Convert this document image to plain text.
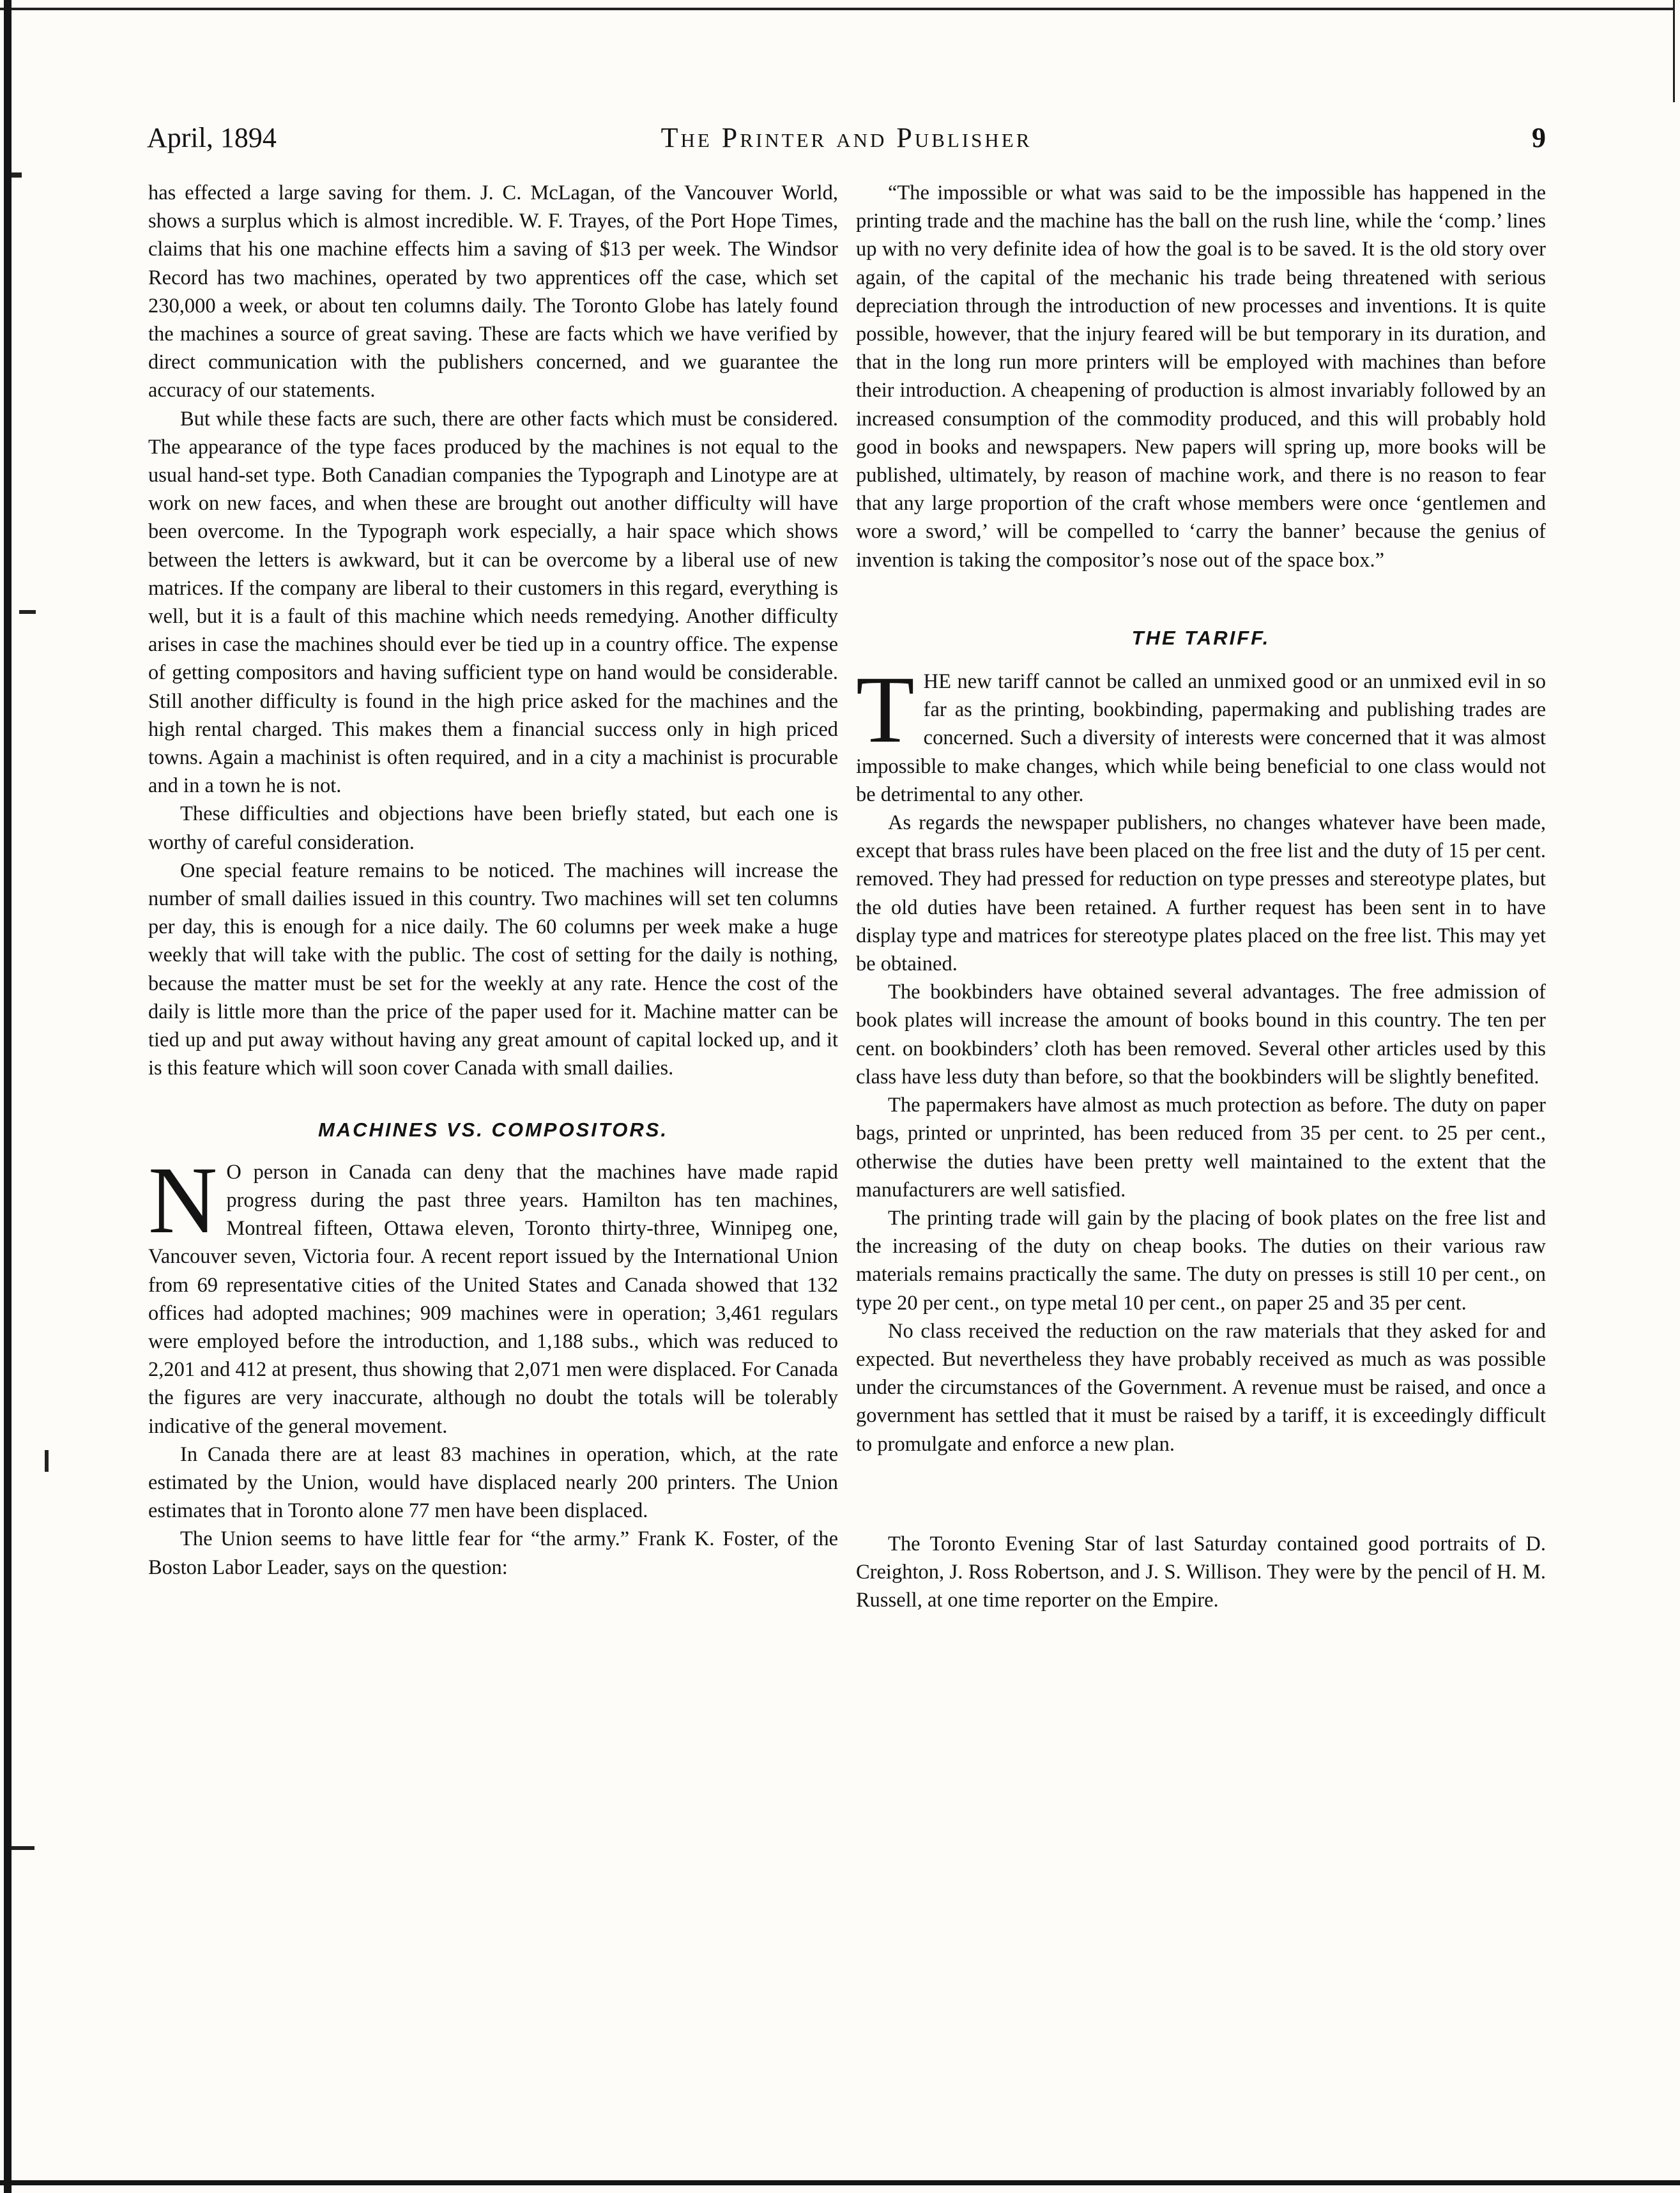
April, 1894	The Printer and Publisher	9

has effected a large saving for them. J. C. McLagan, of the Vancouver World, shows a surplus which is almost incredible. W. F. Trayes, of the Port Hope Times, claims that his one machine effects him a saving of $13 per week. The Windsor Record has two machines, operated by two apprentices off the case, which set 230,000 a week, or about ten columns daily. The Toronto Globe has lately found the machines a source of great saving. These are facts which we have verified by direct communication with the publishers concerned, and we guarantee the accuracy of our statements.

But while these facts are such, there are other facts which must be considered. The appearance of the type faces produced by the machines is not equal to the usual hand-set type. Both Canadian companies the Typograph and Linotype are at work on new faces, and when these are brought out another difficulty will have been overcome. In the Typograph work especially, a hair space which shows between the letters is awkward, but it can be overcome by a liberal use of new matrices. If the company are liberal to their customers in this regard, everything is well, but it is a fault of this machine which needs remedying. Another difficulty arises in case the machines should ever be tied up in a country office. The expense of getting compositors and having sufficient type on hand would be considerable. Still another difficulty is found in the high price asked for the machines and the high rental charged. This makes them a financial success only in high priced towns. Again a machinist is often required, and in a city a machinist is procurable and in a town he is not.

These difficulties and objections have been briefly stated, but each one is worthy of careful consideration.

One special feature remains to be noticed. The machines will increase the number of small dailies issued in this country. Two machines will set ten columns per day, this is enough for a nice daily. The 60 columns per week make a huge weekly that will take with the public. The cost of setting for the daily is nothing, because the matter must be set for the weekly at any rate. Hence the cost of the daily is little more than the price of the paper used for it. Machine matter can be tied up and put away without having any great amount of capital locked up, and it is this feature which will soon cover Canada with small dailies.

MACHINES VS. COMPOSITORS.

N O person in Canada can deny that the machines have made rapid progress during the past three years. Hamilton has ten machines, Montreal fifteen, Ottawa eleven, Toronto thirty-three, Winnipeg one, Vancouver seven, Victoria four. A recent report issued by the International Union from 69 representative cities of the United States and Canada showed that 132 offices had adopted machines; 909 machines were in operation; 3,461 regulars were employed before the introduction, and 1,188 subs., which was reduced to 2,201 and 412 at present, thus showing that 2,071 men were displaced. For Canada the figures are very inaccurate, although no doubt the totals will be tolerably indicative of the general movement.

In Canada there are at least 83 machines in operation, which, at the rate estimated by the Union, would have displaced nearly 200 printers. The Union estimates that in Toronto alone 77 men have been displaced.

The Union seems to have little fear for “the army.” Frank K. Foster, of the Boston Labor Leader, says on the question:

“The impossible or what was said to be the impossible has happened in the printing trade and the machine has the ball on the rush line, while the ‘comp.’ lines up with no very definite idea of how the goal is to be saved. It is the old story over again, of the capital of the mechanic his trade being threatened with serious depreciation through the introduction of new processes and inventions. It is quite possible, however, that the injury feared will be but temporary in its duration, and that in the long run more printers will be employed with machines than before their introduction. A cheapening of production is almost invariably followed by an increased consumption of the commodity produced, and this will probably hold good in books and newspapers. New papers will spring up, more books will be published, ultimately, by reason of machine work, and there is no reason to fear that any large proportion of the craft whose members were once ‘gentlemen and wore a sword,’ will be compelled to ‘carry the banner’ because the genius of invention is taking the compositor’s nose out of the space box.”

THE TARIFF.

THE new tariff cannot be called an unmixed good or an unmixed evil in so far as the printing, bookbinding, papermaking and publishing trades are concerned. Such a diversity of interests were concerned that it was almost impossible to make changes, which while being beneficial to one class would not be detrimental to any other.

As regards the newspaper publishers, no changes whatever have been made, except that brass rules have been placed on the free list and the duty of 15 per cent. removed. They had pressed for reduction on type presses and stereotype plates, but the old duties have been retained. A further request has been sent in to have display type and matrices for stereotype plates placed on the free list. This may yet be obtained.

The bookbinders have obtained several advantages. The free admission of book plates will increase the amount of books bound in this country. The ten per cent. on bookbinders’ cloth has been removed. Several other articles used by this class have less duty than before, so that the bookbinders will be slightly benefited.

The papermakers have almost as much protection as before. The duty on paper bags, printed or unprinted, has been reduced from 35 per cent. to 25 per cent., otherwise the duties have been pretty well maintained to the extent that the manufacturers are well satisfied.

The printing trade will gain by the placing of book plates on the free list and the increasing of the duty on cheap books. The duties on their various raw materials remains practically the same. The duty on presses is still 10 per cent., on type 20 per cent., on type metal 10 per cent., on paper 25 and 35 per cent.

No class received the reduction on the raw materials that they asked for and expected. But nevertheless they have probably received as much as was possible under the circumstances of the Government. A revenue must be raised, and once a government has settled that it must be raised by a tariff, it is exceedingly difficult to promulgate and enforce a new plan.

The Toronto Evening Star of last Saturday contained good portraits of D. Creighton, J. Ross Robertson, and J. S. Willison. They were by the pencil of H. M. Russell, at one time reporter on the Empire.
